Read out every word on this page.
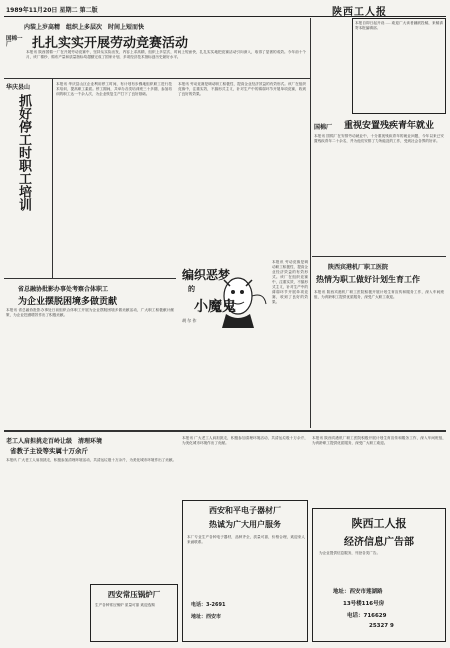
1989年11月20日 星期二 第二版	陕西工人报
内装上岁高精　组织上多层次　时间上短而快
国棉一厂	扎扎实实开展劳动竞赛活动
本报讯 陕西国棉一厂在开展劳动竞赛中，坚持从实际出发，内容上求高精，组织上多层次，时间上短而快，扎扎实实地把竞赛活动引向深入，取得了显著的成效。今年前十个月，该厂棉纱、棉布产量和质量指标均超额完成了国家计划，多项经济技术指标创历史最好水平。
华庆县山
抓好停工时职工培训
本报讯 华庆县山区企业利用停工时间，有计划有步骤地组织职工进行技术培训，提高职工素质。停工期间，共举办各类培训班三十多期，参加培训的职工达一千余人次，为企业恢复生产打下了良好基础。
省总融协批影办事处考察合体职工
为企业摆脱困境多做贡献
本报讯 省总融协批影办事处日前组织合体职工开展为企业摆脱困境多做贡献活动，广大职工积极献计献策，为企业挖潜增效作出了积极贡献。
本报讯 劳动竞赛是调动职工积极性、提高企业经济效益的有效形式。该厂在组织竞赛中，注重实效，不搞形式主义，针对生产中的薄弱环节开展单项竞赛，收到了良好的效果。
本报讯 劳动竞赛是调动职工积极性、提高企业经济效益的有效形式。该厂在组织竞赛中，注重实效，不搞形式主义，针对生产中的薄弱环节开展单项竞赛，收到了良好的效果。
编织恶梦
的
小魔鬼
胡 尔 作
本报自即日起开设……欢迎广大读者踊跃投稿，来稿请寄本报编辑部。
国棉厂	重视安置残疾青年就业
本报讯 国棉厂在安排劳动就业中，十分重视残疾青年的就业问题，今年以来已安置残疾青年二十余名，并为他们安排了力所能及的工作，受到社会各界的好评。
陕西宾港机厂职工医院
热情为职工做好计划生育工作
本报讯 陕西宾港机厂职工医院积极开展计划生育宣传和服务工作，深入车间班组，为育龄职工提供优质服务，深受广大职工欢迎。
老工人肩担挑走百岭让级　清理环境
省教子主设等实属十万余斤
本报讯 广大老工人肩担挑走，积极参加清理环境活动，共清运垃圾十万余斤，为美化城市环境作出了贡献。
西安常压锅炉厂
生产各种常压锅炉 质量可靠 欢迎选购
本报讯 广大老工人肩担挑走，积极参加清理环境活动，共清运垃圾十万余斤，为美化城市环境作出了贡献。
西安和平电子器材厂
热诚为广大用户服务
本厂专业生产各种电子器材，品种齐全，质量可靠，价格合理，欢迎来人来函联系。
电话：3-2691
地址：西安市
本报讯 陕西宾港机厂职工医院积极开展计划生育宣传和服务工作，深入车间班组，为育龄职工提供优质服务，深受广大职工欢迎。
陕西工人报
经济信息广告部
为企业提供信息服务，刊登各类广告。
地址：西安市莲湖路
13号楼116号房
电话：716629
25327 9
